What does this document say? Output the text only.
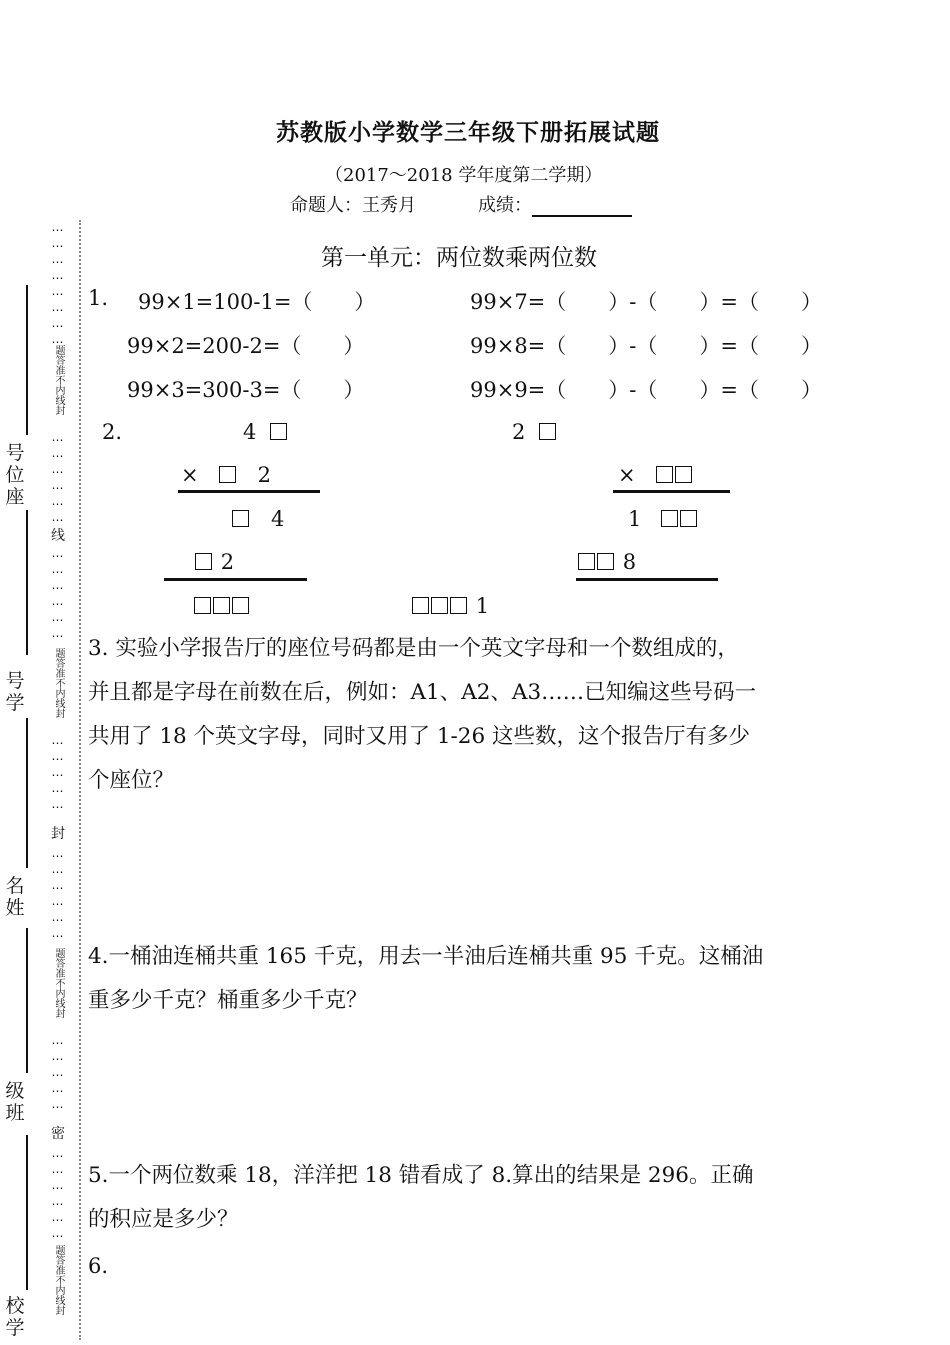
⋯
⋯
⋯
⋯
⋯
⋯
⋯
⋯
题答准不内线封
⋯
⋯
⋯
⋯
⋯
⋯
线
⋯
⋯
⋯
⋯
⋯
⋯
题答准不内线封
⋯
⋯
⋯
⋯
⋯
封
⋯
⋯
⋯
⋯
⋯
⋯
题答准不内线封
⋯
⋯
⋯
⋯
⋯
密
⋯
⋯
⋯
⋯
⋯
⋯
题答准不内线封
号位座
号学
名姓
级班
校学
苏教版小学数学三年级下册拓展试题
（2017～2018 学年度第二学期）
命题人：王秀月	成绩：
第一单元：两位数乘两位数
1. 99×1=100-1=（　　）
99×2=200-2=（　　）
99×3=300-3=（　　）
99×7=（　　）-（　　）=（　　）
99×8=（　　）-（　　）=（　　）
99×9=（　　）-（　　）=（　　）
2.	4
×	2
4
2
2
×
1
8
1
3. 实验小学报告厅的座位号码都是由一个英文字母和一个数组成的，
并且都是字母在前数在后，例如：A1、A2、A3……已知编这些号码一
共用了 18 个英文字母，同时又用了 1-26 这些数，这个报告厅有多少
个座位？
4.一桶油连桶共重 165 千克，用去一半油后连桶共重 95 千克。这桶油
重多少千克？桶重多少千克？
5.一个两位数乘 18，洋洋把 18 错看成了 8.算出的结果是 296。正确
的积应是多少？
6.
